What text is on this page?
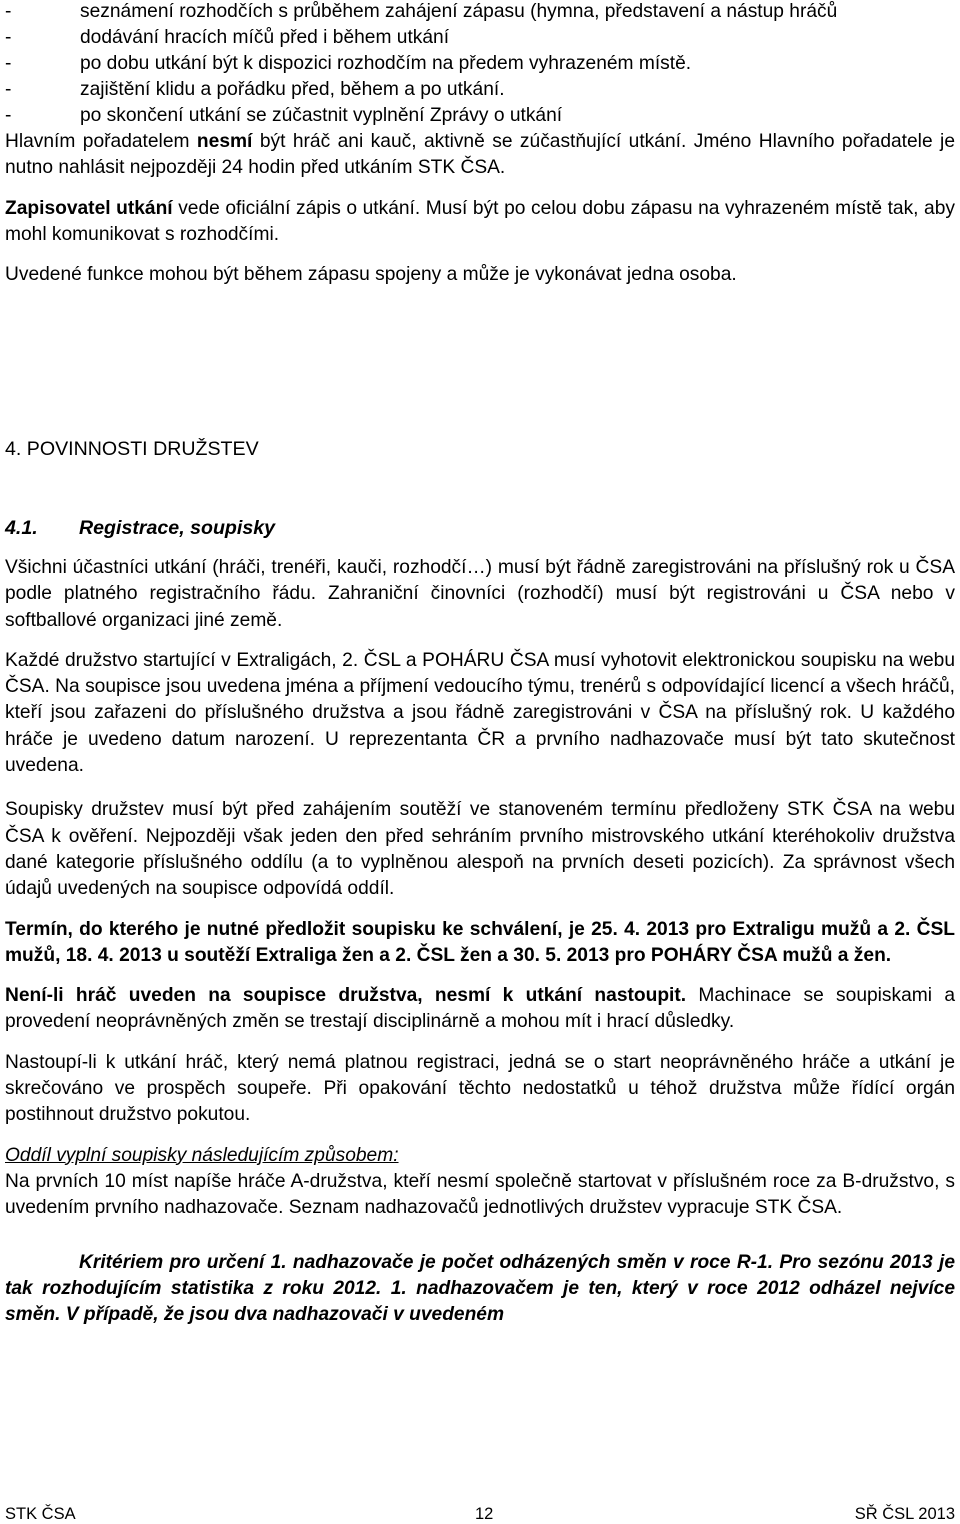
-	seznámení rozhodčích s průběhem zahájení zápasu (hymna, představení a nástup hráčů
-	dodávání hracích míčů před i během utkání
-	po dobu utkání být k dispozici rozhodčím na předem vyhrazeném místě.
-	zajištění klidu a pořádku před, během a po utkání.
-	po skončení utkání se zúčastnit vyplnění Zprávy o utkání

Hlavním pořadatelem nesmí být hráč ani kauč, aktivně se zúčastňující utkání. Jméno Hlavního pořadatele je nutno nahlásit nejpozději 24 hodin před utkáním STK ČSA.

Zapisovatel utkání vede oficiální zápis o utkání. Musí být po celou dobu zápasu na vyhrazeném místě tak, aby mohl komunikovat s rozhodčími.

Uvedené funkce mohou být během zápasu spojeny a může je vykonávat jedna osoba.

4. POVINNOSTI DRUŽSTEV
4.1. Registrace, soupisky

Všichni účastníci utkání (hráči, trenéři, kauči, rozhodčí…) musí být řádně zaregistrováni na příslušný rok u ČSA podle platného registračního řádu. Zahraniční činovníci (rozhodčí) musí být registrováni u ČSA nebo v softballové organizaci jiné země.

Každé družstvo startující v Extraligách, 2. ČSL a POHÁRU ČSA musí vyhotovit elektronickou soupisku na webu ČSA. Na soupisce jsou uvedena jména a příjmení vedoucího týmu, trenérů s odpovídající licencí a všech hráčů, kteří jsou zařazeni do příslušného družstva a jsou řádně zaregistrováni v ČSA na příslušný rok. U každého hráče je uvedeno datum narození. U reprezentanta ČR a prvního nadhazovače musí být tato skutečnost uvedena.

Soupisky družstev musí být před zahájením soutěží ve stanoveném termínu předloženy STK ČSA na webu ČSA k ověření. Nejpozději však jeden den před sehráním prvního mistrovského utkání kteréhokoliv družstva dané kategorie příslušného oddílu (a to vyplněnou alespoň na prvních deseti pozicích). Za správnost všech údajů uvedených na soupisce odpovídá oddíl.

Termín, do kterého je nutné předložit soupisku ke schválení, je 25. 4. 2013 pro Extraligu mužů a 2. ČSL mužů, 18. 4. 2013 u soutěží Extraliga žen a 2. ČSL žen a 30. 5. 2013 pro POHÁRY ČSA mužů a žen.

Není-li hráč uveden na soupisce družstva, nesmí k utkání nastoupit. Machinace se soupiskami a provedení neoprávněných změn se trestají disciplinárně a mohou mít i hrací důsledky.

Nastoupí-li k utkání hráč, který nemá platnou registraci, jedná se o start neoprávněného hráče a utkání je skrečováno ve prospěch soupeře. Při opakování těchto nedostatků u téhož družstva může řídící orgán postihnout družstvo pokutou.

Oddíl vyplní soupisky následujícím způsobem:

Na prvních 10 míst napíše hráče A-družstva, kteří nesmí společně startovat v příslušném roce za B-družstvo, s uvedením prvního nadhazovače. Seznam nadhazovačů jednotlivých družstev vypracuje STK ČSA.

Kritériem pro určení 1. nadhazovače je počet odházených směn v roce R-1. Pro sezónu 2013 je tak rozhodujícím statistika z roku 2012. 1. nadhazovačem je ten, který v roce 2012 odházel nejvíce směn. V případě, že jsou dva nadhazovači v uvedeném

STK ČSA	12	SŘ ČSL 2013
